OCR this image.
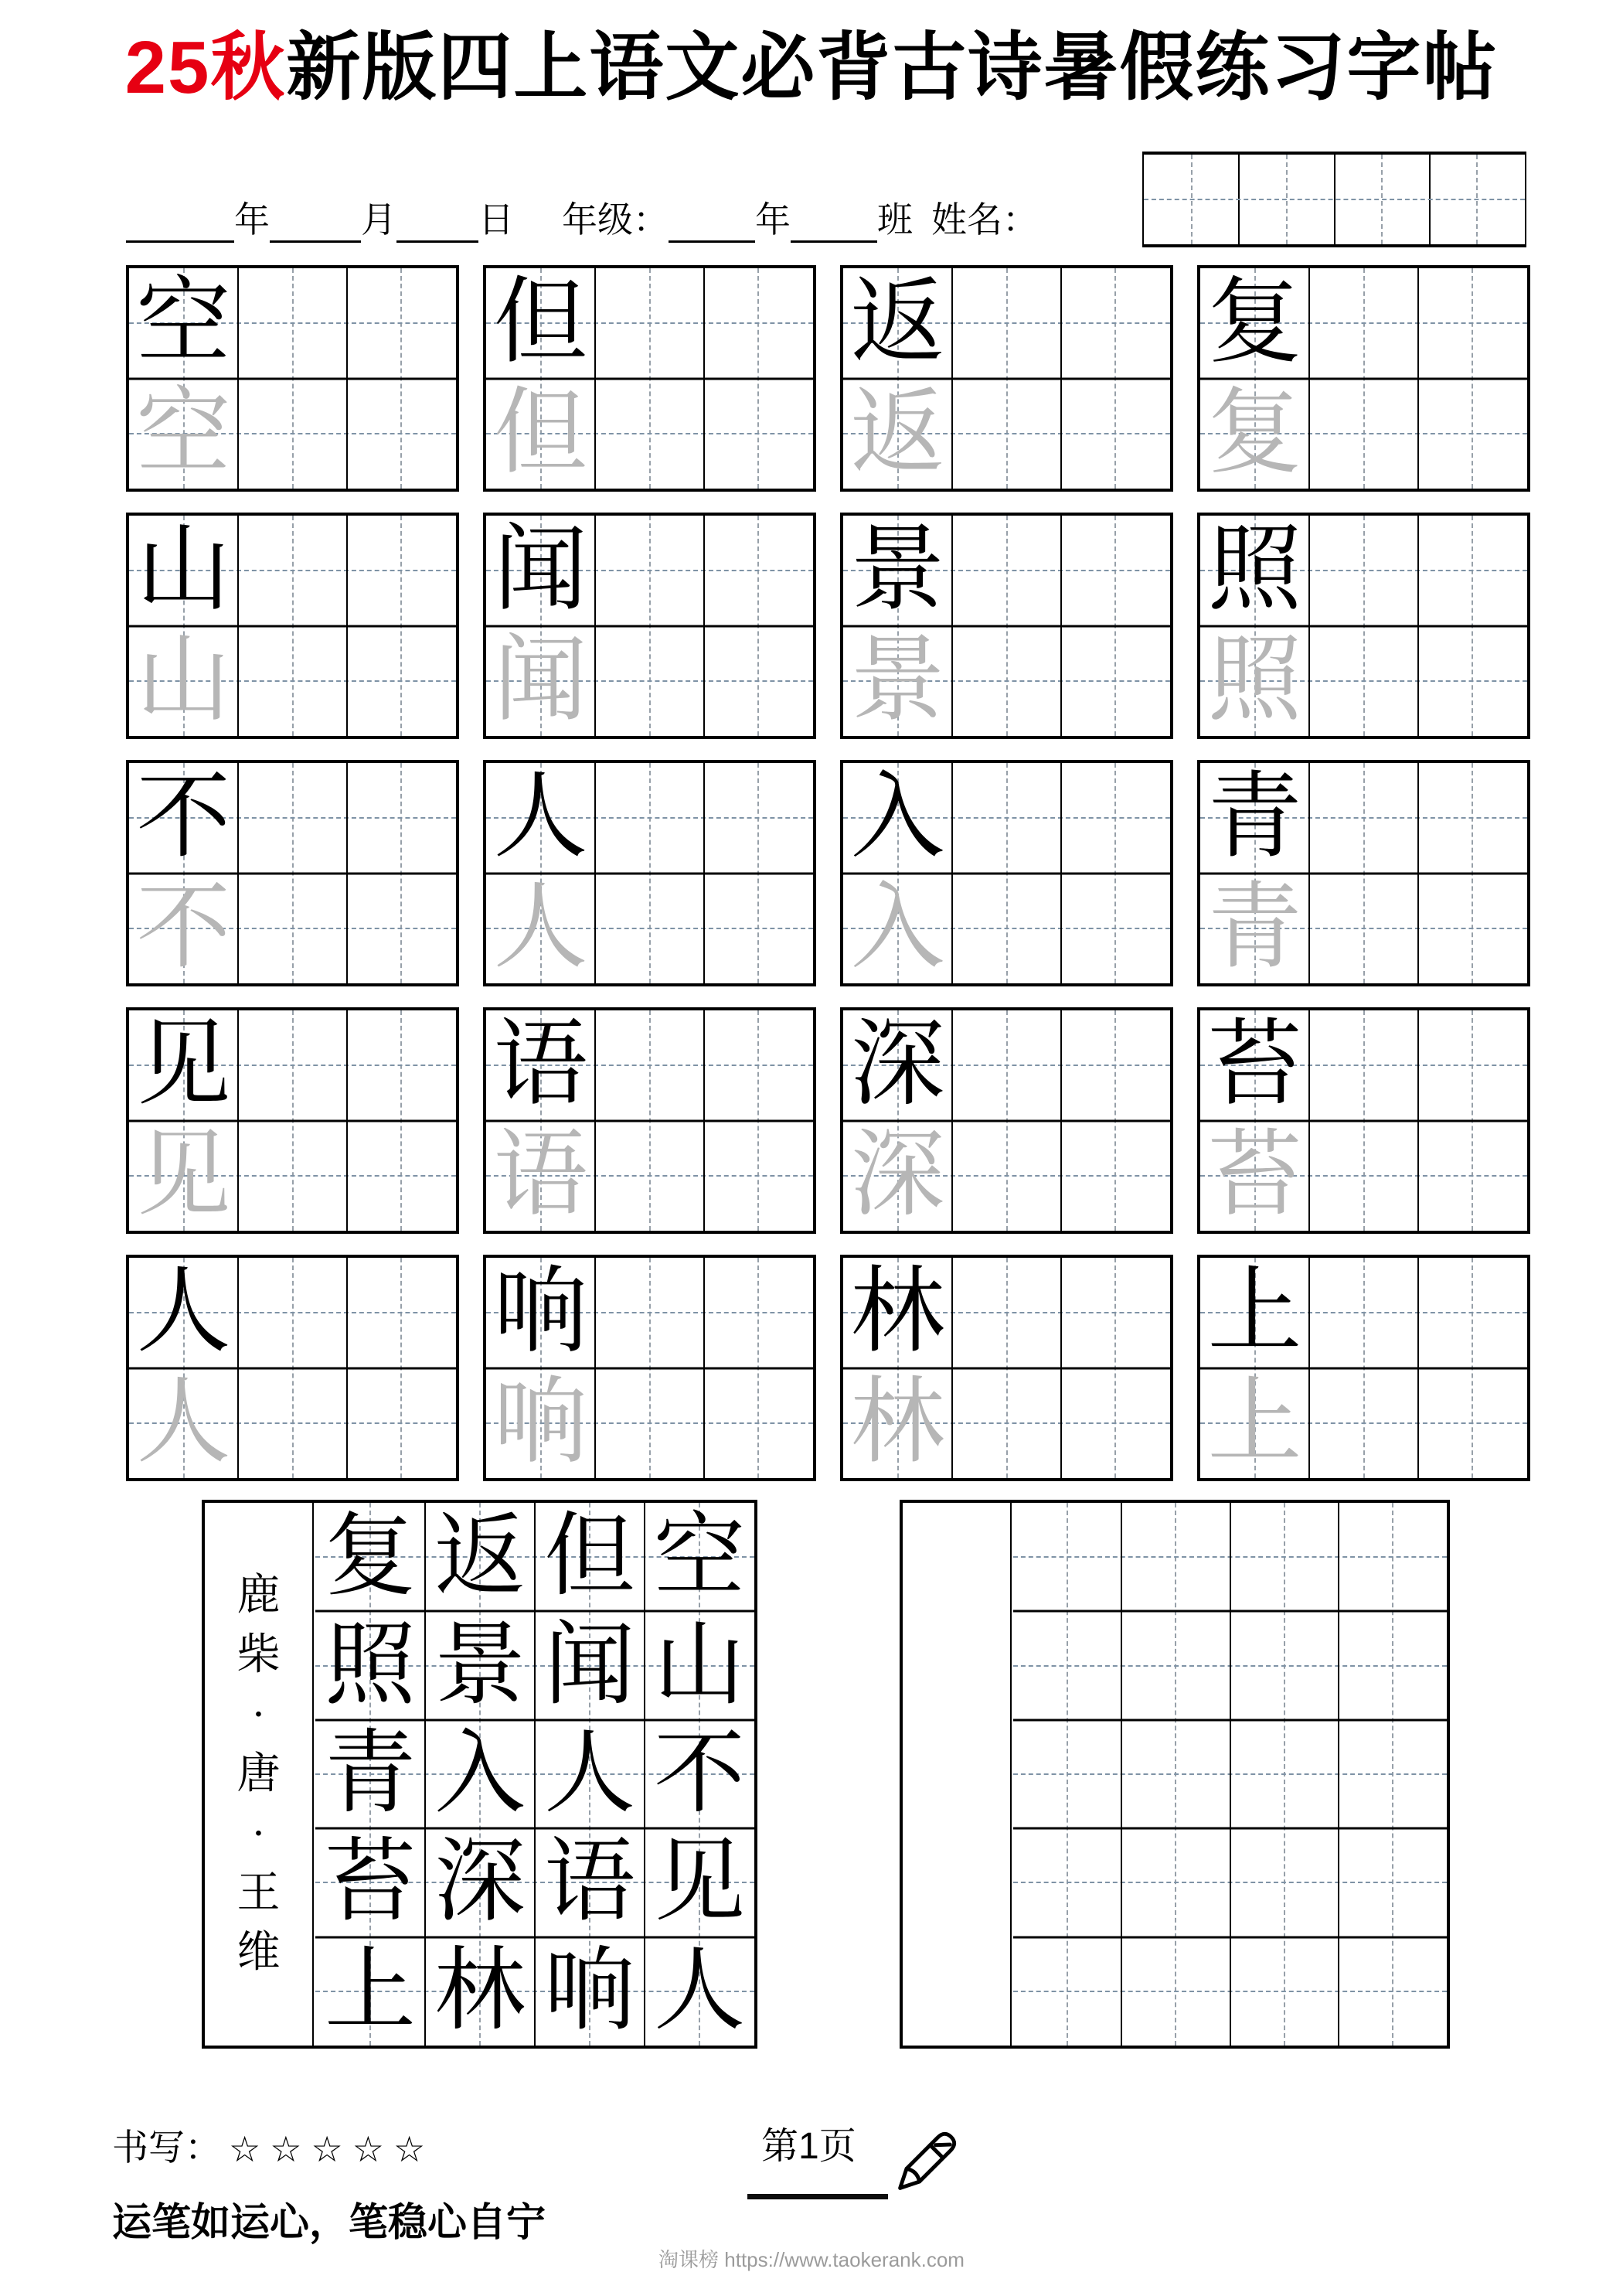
25秋新版四上语文必背古诗暑假练习字帖
年	月 日 年级： 年 班 姓名：
空
空
但
但
返
返
复
复
山
山
闻
闻
景
景
照
照
不
不
人
人
入
入
青
青
见
见
语
语
深
深
苔
苔
人
人
响
响
林
林
上
上
鹿
柴
·
唐
·
王
维
复 返 但 空
照 景 闻 山
青 入 人 不
苔 深 语 见
上 林 响 人
书写： ☆☆☆☆☆	第1页
运笔如运心，笔稳心自宁
淘课榜 https://www.taokerank.com
